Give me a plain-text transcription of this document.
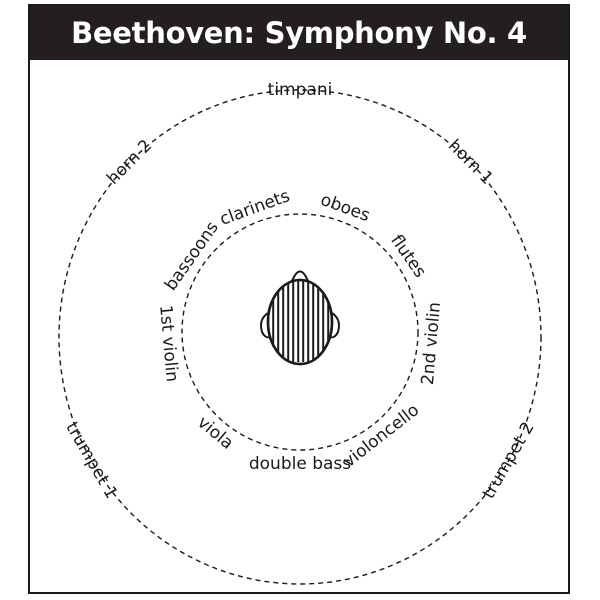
Beethoven: Symphony No. 4
timpani
horn 1
horn 2
trumpet 1	trumpet 2
clarinets oboes
bassoons	flutes
1st violin	2nd violin
viola	violoncello
double bass
